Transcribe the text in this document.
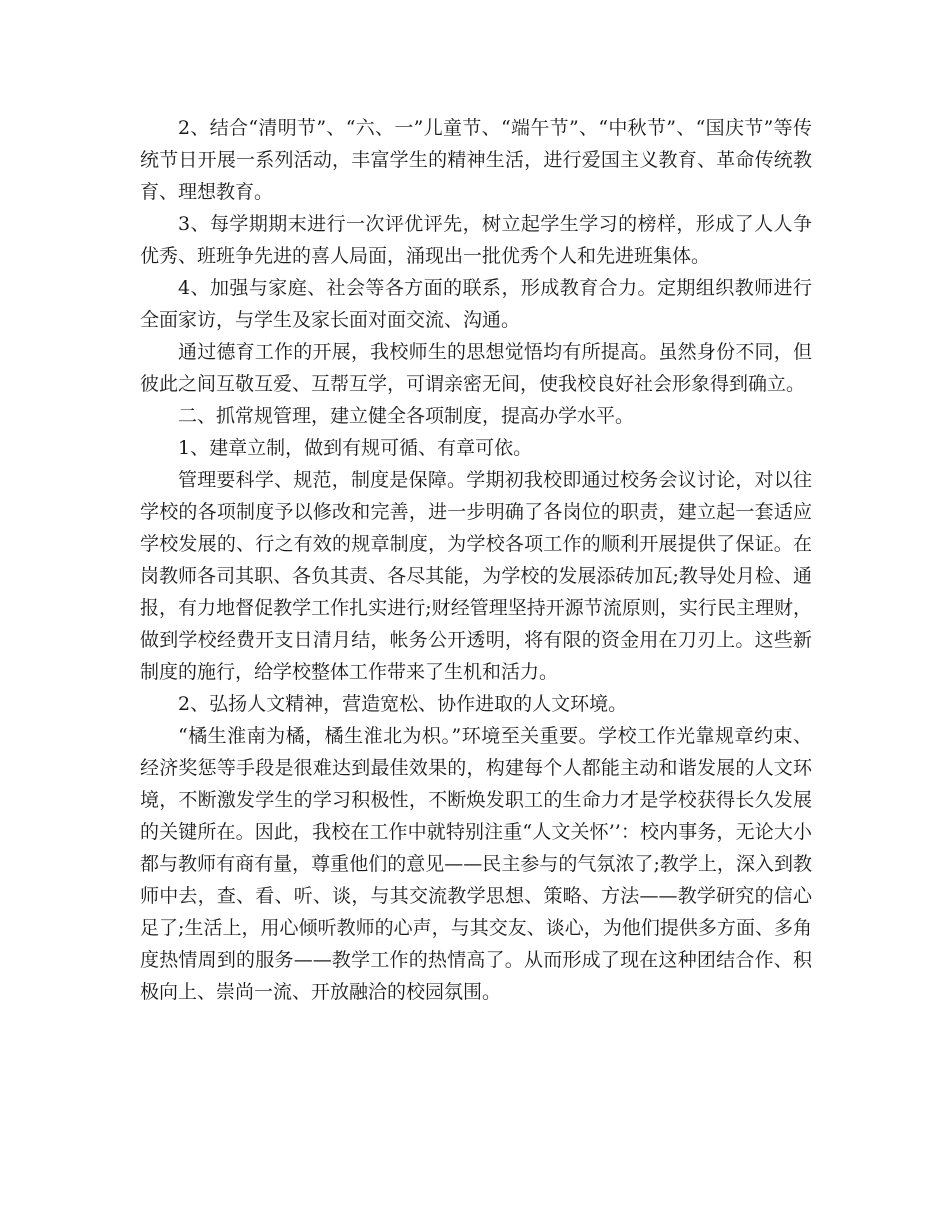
2、结合“清明节”、“六、一”儿童节、“端午节”、“中秋节”、“国庆节”等传统节日开展一系列活动，丰富学生的精神生活，进行爱国主义教育、革命传统教育、理想教育。

3、每学期期末进行一次评优评先，树立起学生学习的榜样，形成了人人争优秀、班班争先进的喜人局面，涌现出一批优秀个人和先进班集体。

4、加强与家庭、社会等各方面的联系，形成教育合力。定期组织教师进行全面家访，与学生及家长面对面交流、沟通。

通过德育工作的开展，我校师生的思想觉悟均有所提高。虽然身份不同，但彼此之间互敬互爱、互帮互学，可谓亲密无间，使我校良好社会形象得到确立。

二、抓常规管理，建立健全各项制度，提高办学水平。

1、建章立制，做到有规可循、有章可依。

管理要科学、规范，制度是保障。学期初我校即通过校务会议讨论，对以往学校的各项制度予以修改和完善，进一步明确了各岗位的职责，建立起一套适应学校发展的、行之有效的规章制度，为学校各项工作的顺利开展提供了保证。在岗教师各司其职、各负其责、各尽其能，为学校的发展添砖加瓦;教导处月检、通报，有力地督促教学工作扎实进行;财经管理坚持开源节流原则，实行民主理财，做到学校经费开支日清月结，帐务公开透明，将有限的资金用在刀刃上。这些新制度的施行，给学校整体工作带来了生机和活力。

2、弘扬人文精神，营造宽松、协作进取的人文环境。

“橘生淮南为橘，橘生淮北为枳。”环境至关重要。学校工作光靠规章约束、经济奖惩等手段是很难达到最佳效果的，构建每个人都能主动和谐发展的人文环境，不断激发学生的学习积极性，不断焕发职工的生命力才是学校获得长久发展的关键所在。因此，我校在工作中就特别注重“人文关怀’’：校内事务，无论大小都与教师有商有量，尊重他们的意见——民主参与的气氛浓了;教学上，深入到教师中去，查、看、听、谈，与其交流教学思想、策略、方法——教学研究的信心足了;生活上，用心倾听教师的心声，与其交友、谈心，为他们提供多方面、多角度热情周到的服务——教学工作的热情高了。从而形成了现在这种团结合作、积极向上、崇尚一流、开放融洽的校园氛围。
